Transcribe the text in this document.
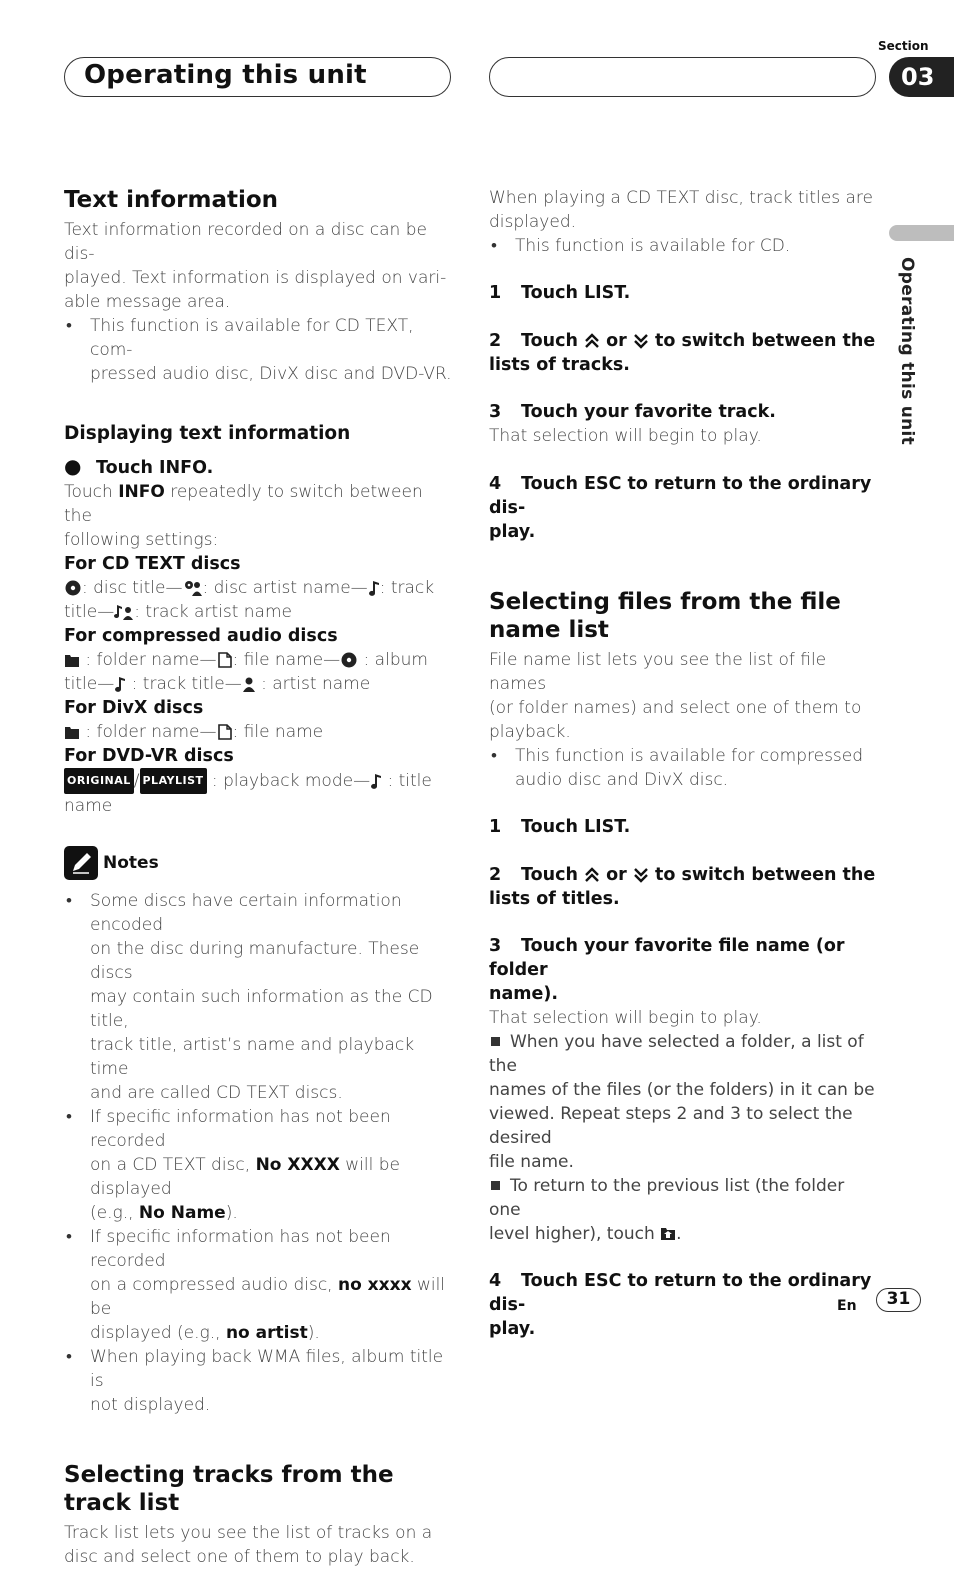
Operating this unit
Section
03
Operating this unit
Text information

Text information recorded on a disc can be dis-
played. Text information is displayed on vari-
able message area.

• This function is available for CD TEXT, com-
pressed audio disc, DivX disc and DVD-VR.
Displaying text information
● Touch INFO.

Touch INFO repeatedly to switch between the
following settings:

For CD TEXT discs

: disc title— : disc artist name— : track
title— : track artist name

For compressed audio discs

: folder name— : file name— : album
title— : track title— : artist name

For DivX discs

: folder name— : file name

For DVD-VR discs

ORIGINAL / PLAYLIST : playback mode— : title
name

Notes
• Some discs have certain information encoded
on the disc during manufacture. These discs
may contain such information as the CD title,
track title, artist’s name and playback time
and are called CD TEXT discs.
• If specific information has not been recorded
on a CD TEXT disc, No XXXX will be displayed
(e.g., No Name).
• If specific information has not been recorded
on a compressed audio disc, no xxxx will be
displayed (e.g., no artist).
• When playing back WMA files, album title is
not displayed.
Selecting tracks from the track list

Track list lets you see the list of tracks on a
disc and select one of them to play back.

When playing a CD TEXT disc, track titles are
displayed.

• This function is available for CD.
1 Touch LIST.
2 Touch  or  to switch between the
lists of tracks.
3 Touch your favorite track.

That selection will begin to play.

4 Touch ESC to return to the ordinary dis-
play.
Selecting files from the file
name list

File name list lets you see the list of file names
(or folder names) and select one of them to
playback.

• This function is available for compressed
audio disc and DivX disc.
1 Touch LIST.
2 Touch  or  to switch between the
lists of titles.
3 Touch your favorite file name (or folder
name).

That selection will begin to play.

When you have selected a folder, a list of the
names of the files (or the folders) in it can be
viewed. Repeat steps 2 and 3 to select the desired
file name.
To return to the previous list (the folder one
level higher), touch .
4 Touch ESC to return to the ordinary dis-
play.
En	31
